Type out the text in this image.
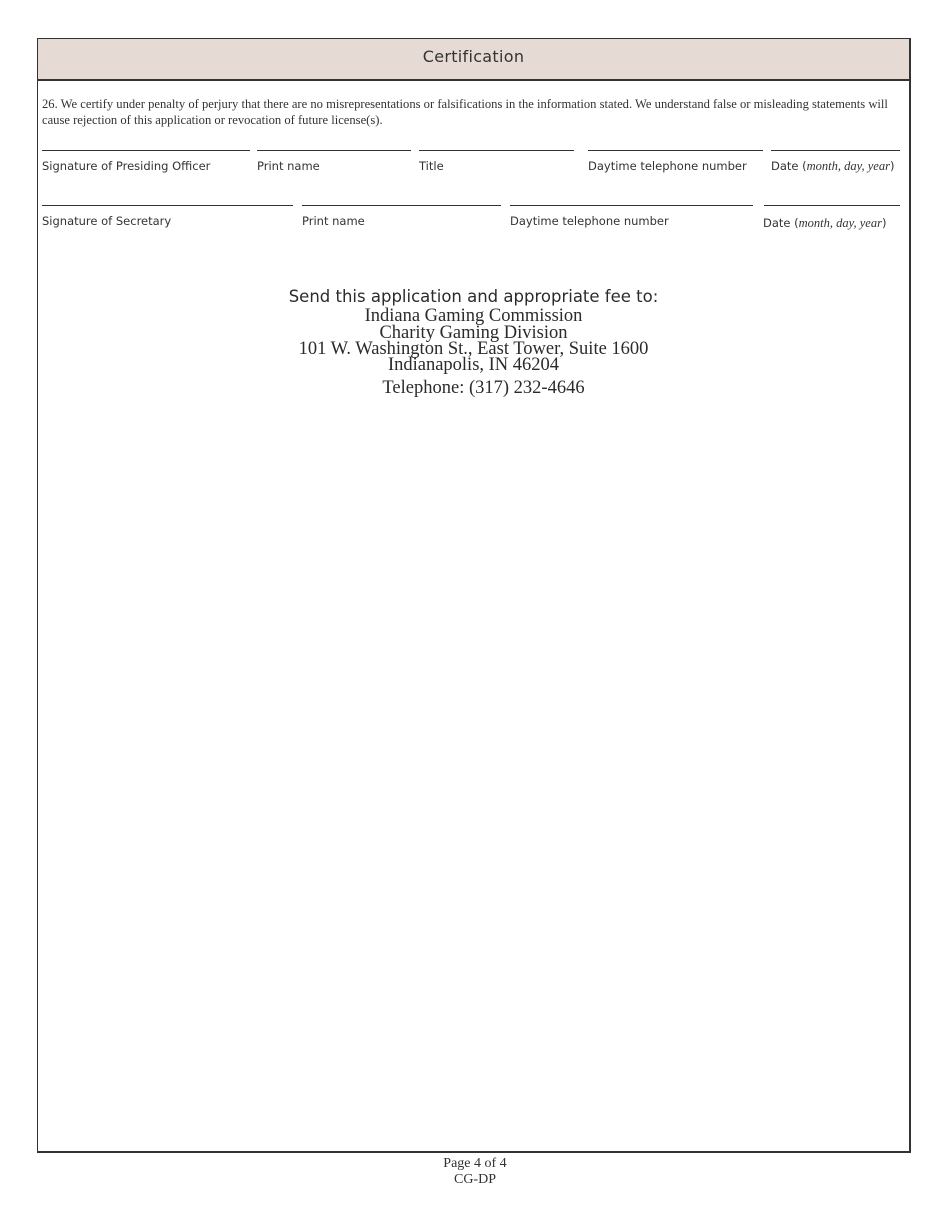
Certification
26. We certify under penalty of perjury that there are no misrepresentations or falsifications in the information stated. We understand false or misleading statements will cause rejection of this application or revocation of future license(s).
Signature of Presiding Officer	Print name	Title	Daytime telephone number Date (month, day, year)
Signature of Secretary	Print name	Daytime telephone number	Date (month, day, year)
Send this application and appropriate fee to:
Indiana Gaming Commission
Charity Gaming Division
101 W. Washington St., East Tower, Suite 1600
Indianapolis, IN 46204
Telephone: (317) 232-4646
Page 4 of 4
CG-DP
